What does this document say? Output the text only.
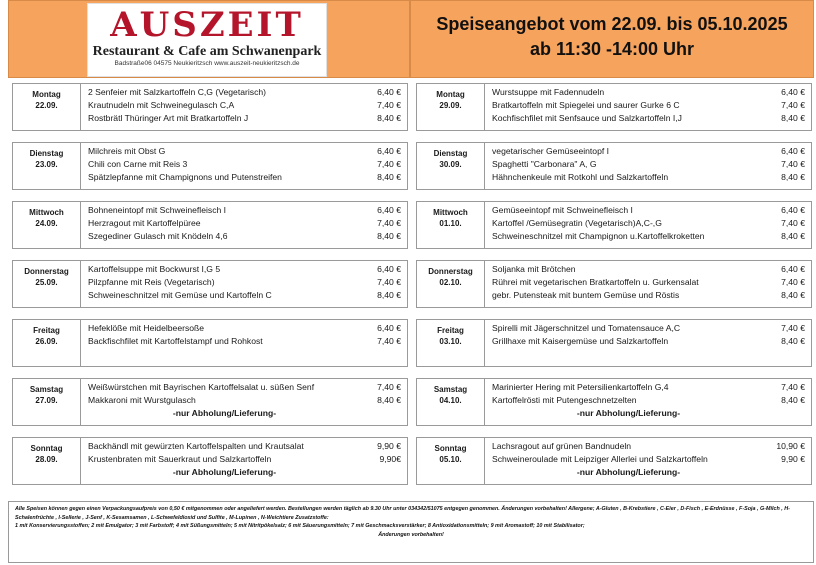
AUSZEIT
Restaurant & Cafe am Schwanenpark
Badstraße06 04575 Neukieritzsch www.auszeit-neukieritzsch.de
Speiseangebot vom 22.09. bis 05.10.2025
ab 11:30 -14:00 Uhr
Montag
22.09.
2 Senfeier mit Salzkartoffeln C,G (Vegetarisch)	6,40 €
Krautnudeln mit Schweinegulasch C,A	7,40 €
Rostbrätl Thüringer Art mit Bratkartoffeln J	8,40 €
Dienstag
23.09.
Milchreis mit Obst G	6,40 €
Chili con Carne mit Reis 3	7,40 €
Spätzlepfanne mit Champignons und Putenstreifen	8,40 €
Mittwoch
24.09.
Bohneneintopf mit Schweinefleisch I	6,40 €
Herzragout mit Kartoffelpüree	7,40 €
Szegediner Gulasch mit Knödeln 4,6	8,40 €
Donnerstag
25.09.
Kartoffelsuppe mit Bockwurst I,G 5	6,40 €
Pilzpfanne mit Reis (Vegetarisch)	7,40 €
Schweineschnitzel mit Gemüse und Kartoffeln C	8,40 €
Freitag
26.09.
Hefeklöße mit Heidelbeersoße	6,40 €
Backfischfilet mit Kartoffelstampf und Rohkost	7,40 €
Samstag
27.09.
Weißwürstchen mit Bayrischen Kartoffelsalat u. süßen Senf	7,40 €
Makkaroni mit Wurstgulasch	8,40 €
-nur Abholung/Lieferung-
Sonntag
28.09.
Backhändl mit gewürzten Kartoffelspalten und Krautsalat	9,90 €
Krustenbraten mit Sauerkraut und Salzkartoffeln	9,90€
-nur Abholung/Lieferung-
Montag
29.09.
Wurstsuppe mit Fadennudeln	6,40 €
Bratkartoffeln mit Spiegelei und saurer Gurke 6 C	7,40 €
Kochfischfilet mit Senfsauce und Salzkartoffeln I,J	8,40 €
Dienstag
30.09.
vegetarischer Gemüseeintopf I	6,40 €
Spaghetti "Carbonara" A, G	7,40 €
Hähnchenkeule mit Rotkohl und Salzkartoffeln	8,40 €
Mittwoch
01.10.
Gemüseeintopf mit Schweinefleisch I	6,40 €
Kartoffel /Gemüsegratin (Vegetarisch)A,C-,G	7,40 €
Schweineschnitzel mit Champignon u.Kartoffelkroketten	8,40 €
Donnerstag
02.10.
Soljanka mit Brötchen	6,40 €
Rührei mit vegetarischen Bratkartoffeln u. Gurkensalat	7,40 €
gebr. Putensteak mit buntem Gemüse und Röstis	8,40 €
Freitag
03.10.
Spirelli mit Jägerschnitzel und Tomatensauce A,C	7,40 €
Grillhaxe mit Kaisergemüse und Salzkartoffeln	8,40 €
Samstag
04.10.
Marinierter Hering mit Petersilienkartoffeln G,4	7,40 €
Kartoffelrösti mit Putengeschnetzelten	8,40 €
-nur Abholung/Lieferung-
Sonntag
05.10.
Lachsragout auf grünen Bandnudeln	10,90 €
Schweineroulade mit Leipziger Allerlei und Salzkartoffeln	9,90 €
-nur Abholung/Lieferung-
Alle Speisen können gegen einen Verpackungsaufpreis von 0,50 € mitgenommen oder angeliefert werden. Bestellungen werden täglich ab 9.30 Uhr unter 034342/51075 entgegen genommen. Änderungen vorbehalten! Allergene; A-Gluten , B-Krebstiere , C-Eier , D-Fisch , E-Erdnüsse , F-Soja , G-Milch , H-Schalenfrüchte , I-Sellerie , J-Senf , K-Sesamsamen , L-Schwefeldioxid und Sulfite , M-Lupinen , N-Weichtiere Zusatzstoffe:
1 mit Konservierungsstoffen; 2 mit Emulgator; 3 mit Farbstoff; 4 mit Süßungsmitteln; 5 mit Nitritpökelsalz; 6 mit Säuerungsmitteln; 7 mit Geschmacksverstärker; 8 Antioxidationsmitteln; 9 mit Aromastoff; 10 mit Stabilisator;
Änderungen vorbehalten!
